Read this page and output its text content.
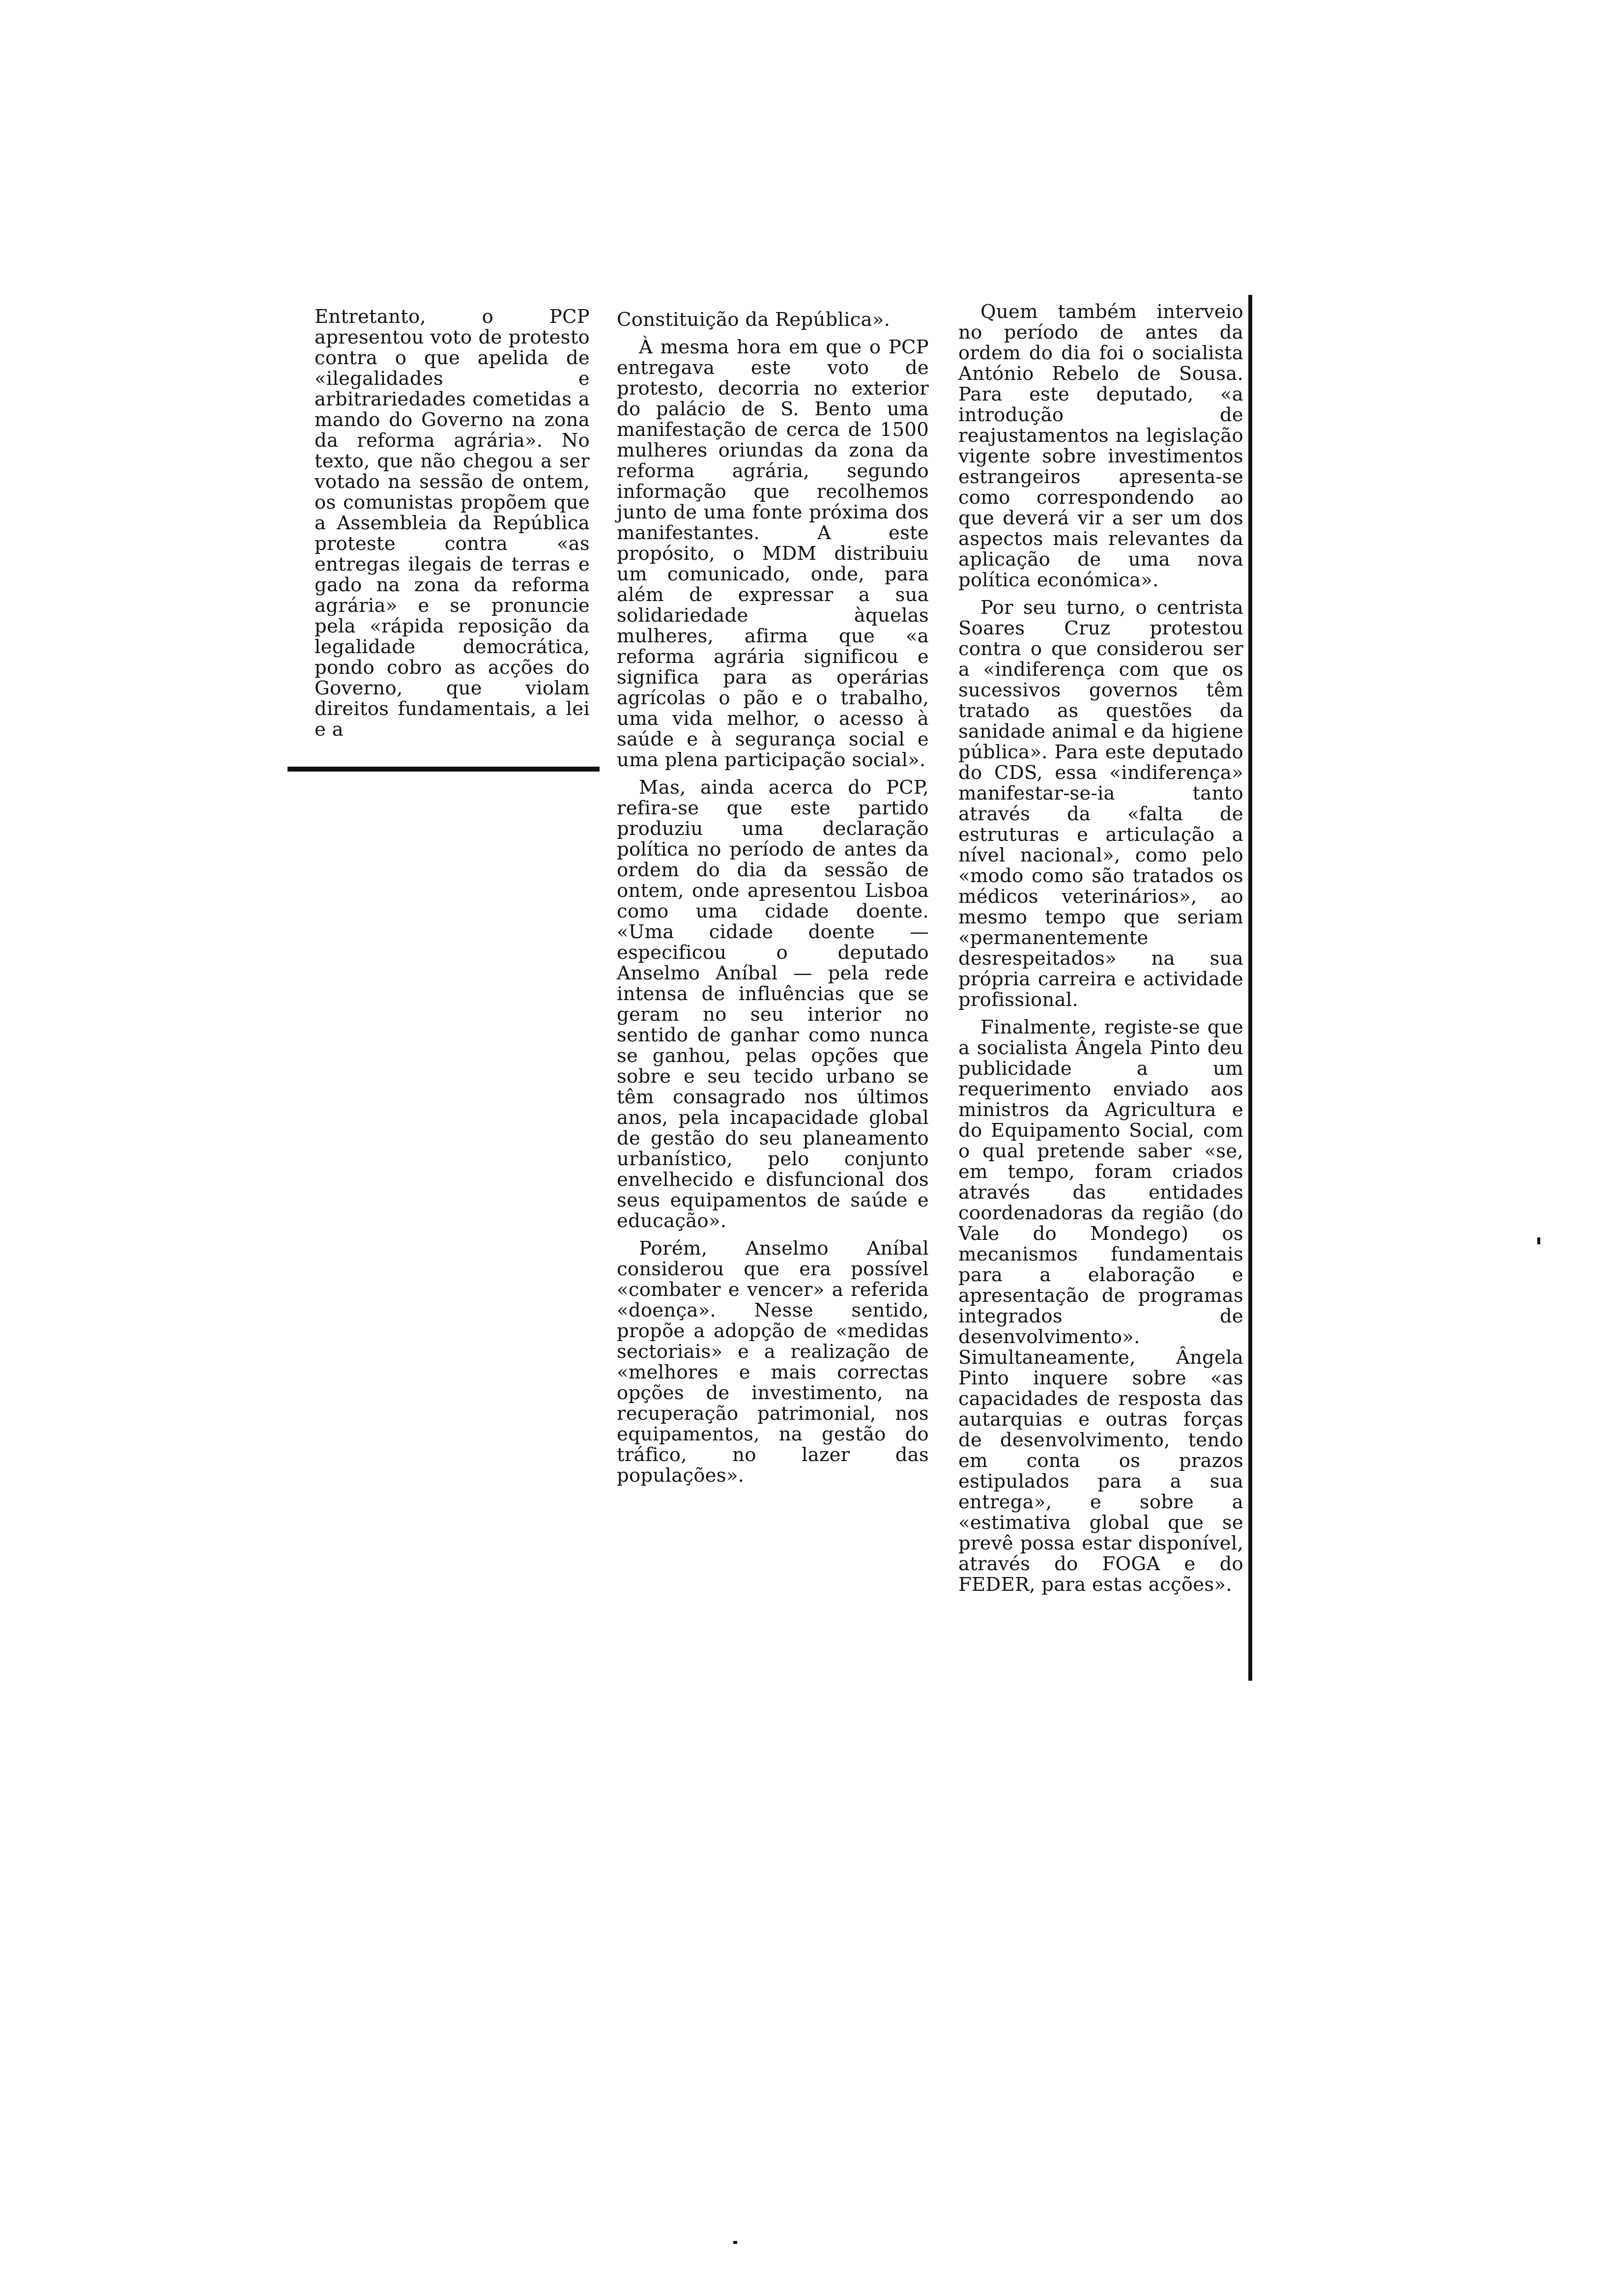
Entretanto, o PCP apresentou voto de protesto contra o que apelida de «ilegalidades e arbitrariedades cometidas a mando do Governo na zona da reforma agrária». No texto, que não chegou a ser votado na sessão de ontem, os comunistas propõem que a Assembleia da República proteste contra «as entregas ilegais de terras e gado na zona da reforma agrária» e se pronuncie pela «rápida reposição da legalidade democrática, pondo cobro as acções do Governo, que violam direitos fundamentais, a lei e a

Constituição da República».

À mesma hora em que o PCP entregava este voto de protesto, decorria no exterior do palácio de S. Bento uma manifestação de cerca de 1500 mulheres oriundas da zona da reforma agrária, segundo informação que recolhemos junto de uma fonte próxima dos manifestantes. A este propósito, o MDM distribuiu um comunicado, onde, para além de expressar a sua solidariedade àquelas mulheres, afirma que «a reforma agrária significou e significa para as operárias agrícolas o pão e o trabalho, uma vida melhor, o acesso à saúde e à segurança social e uma plena participação social».

Mas, ainda acerca do PCP, refira-se que este partido produziu uma declaração política no período de antes da ordem do dia da sessão de ontem, onde apresentou Lisboa como uma cidade doente. «Uma cidade doente — especificou o deputado Anselmo Aníbal — pela rede intensa de influências que se geram no seu interior no sentido de ganhar como nunca se ganhou, pelas opções que sobre e seu tecido urbano se têm consagrado nos últimos anos, pela incapacidade global de gestão do seu planeamento urbanístico, pelo conjunto envelhecido e disfuncional dos seus equipamentos de saúde e educação».

Porém, Anselmo Aníbal considerou que era possível «combater e vencer» a referida «doença». Nesse sentido, propõe a adopção de «medidas sectoriais» e a realização de «melhores e mais correctas opções de investimento, na recuperação patrimonial, nos equipamentos, na gestão do tráfico, no lazer das populações».

Quem também interveio no período de antes da ordem do dia foi o socialista António Rebelo de Sousa. Para este deputado, «a introdução de reajustamentos na legislação vigente sobre investimentos estrangeiros apresenta-se como correspondendo ao que deverá vir a ser um dos aspectos mais relevantes da aplicação de uma nova política económica».

Por seu turno, o centrista Soares Cruz protestou contra o que considerou ser a «indiferença com que os sucessivos governos têm tratado as questões da sanidade animal e da higiene pública». Para este deputado do CDS, essa «indiferença» manifestar-se-ia tanto através da «falta de estruturas e articulação a nível nacional», como pelo «modo como são tratados os médicos veterinários», ao mesmo tempo que seriam «permanentemente desrespeitados» na sua própria carreira e actividade profissional.

Finalmente, registe-se que a socialista Ângela Pinto deu publicidade a um requerimento enviado aos ministros da Agricultura e do Equipamento Social, com o qual pretende saber «se, em tempo, foram criados através das entidades coordenadoras da região (do Vale do Mondego) os mecanismos fundamentais para a elaboração e apresentação de programas integrados de desenvolvimento». Simultaneamente, Ângela Pinto inquere sobre «as capacidades de resposta das autarquias e outras forças de desenvolvimento, tendo em conta os prazos estipulados para a sua entrega», e sobre a «estimativa global que se prevê possa estar disponível, através do FOGA e do FEDER, para estas acções».
